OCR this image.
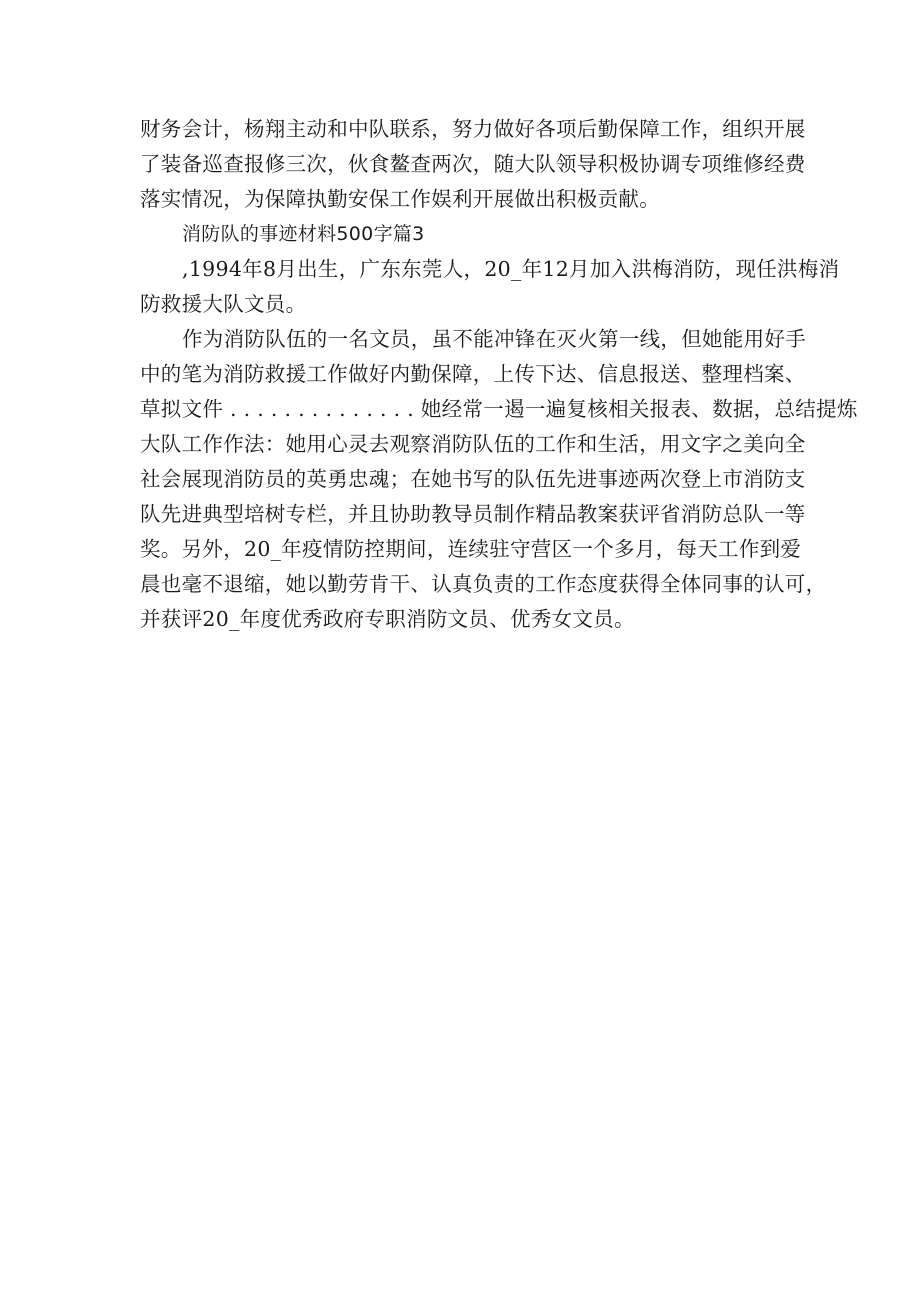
财务会计，杨翔主动和中队联系，努力做好各项后勤保障工作，组织开展
了装备巡查报修三次，伙食鳌查两次，随大队领导积极协调专项维修经费
落实情况，为保障执勤安保工作娱利开展做出积极贡献。
消防队的事迹材料500字篇3
,1994年8月出生，广东东莞人，20_年12月加入洪梅消防，现任洪梅消
防救援大队文员。
作为消防队伍的一名文员，虽不能冲锋在灭火第一线，但她能用好手
中的笔为消防救援工作做好内勤保障，上传下达、信息报送、整理档案、
草拟文件 . . . . . . . . . . . . . . 她经常一遏一遍复核相关报表、数据，总结提炼
大队工作作法：她用心灵去观察消防队伍的工作和生活，用文字之美向全
社会展现消防员的英勇忠魂；在她书写的队伍先进事迹两次登上市消防支
队先进典型培树专栏，并且协助教导员制作精品教案获评省消防总队一等
奖。另外，20_年疫情防控期间，连续驻守营区一个多月，每天工作到爱
晨也毫不退缩，她以勤劳肯干、认真负责的工作态度获得全体同事的认可，
并获评20_年度优秀政府专职消防文员、优秀女文员。
